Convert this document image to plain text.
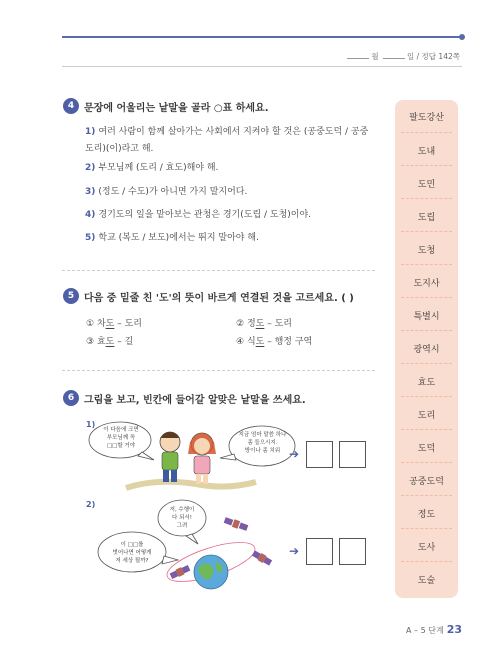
월	일 / 정답 142쪽
4 문장에 어울리는 낱말을 골라 ○표 하세요.
1) 여러 사람이 함께 살아가는 사회에서 지켜야 할 것은 (공중도덕 / 공중도리)(이)라고 해.
2) 부모님께 (도리 / 효도)해야 해.
3) (정도 / 수도)가 아니면 가지 말지어다.
4) 경기도의 일을 맡아보는 관청은 경기(도립 / 도청)이야.
5) 학교 (복도 / 보도)에서는 뛰지 말아야 해.
5 다음 중 밑줄 친 '도'의 뜻이 바르게 연결된 것을 고르세요. ( )
① 차도 – 도리	② 정도 – 도리
③ 효도 – 길	④ 식도 – 행정 구역
6 그림을 보고, 빈칸에 들어갈 알맞은 낱말을 쓰세요.
1)
이 다음에 크면
부모님께 꼭
□□할 거야
지금 엄마 말씀 하나
좀 들으시지.
방이나 좀 치워 ➔
2)
저, 수행이
다 되서!
그려
이 □□를
벗어나면 어떻게
저 세상 될까?
➔
팔도강산
도내
도민
도립
도청
도지사
특별시
광역시
효도
도리
도덕
공중도덕
정도
도사
도술
A – 5 단계 23
